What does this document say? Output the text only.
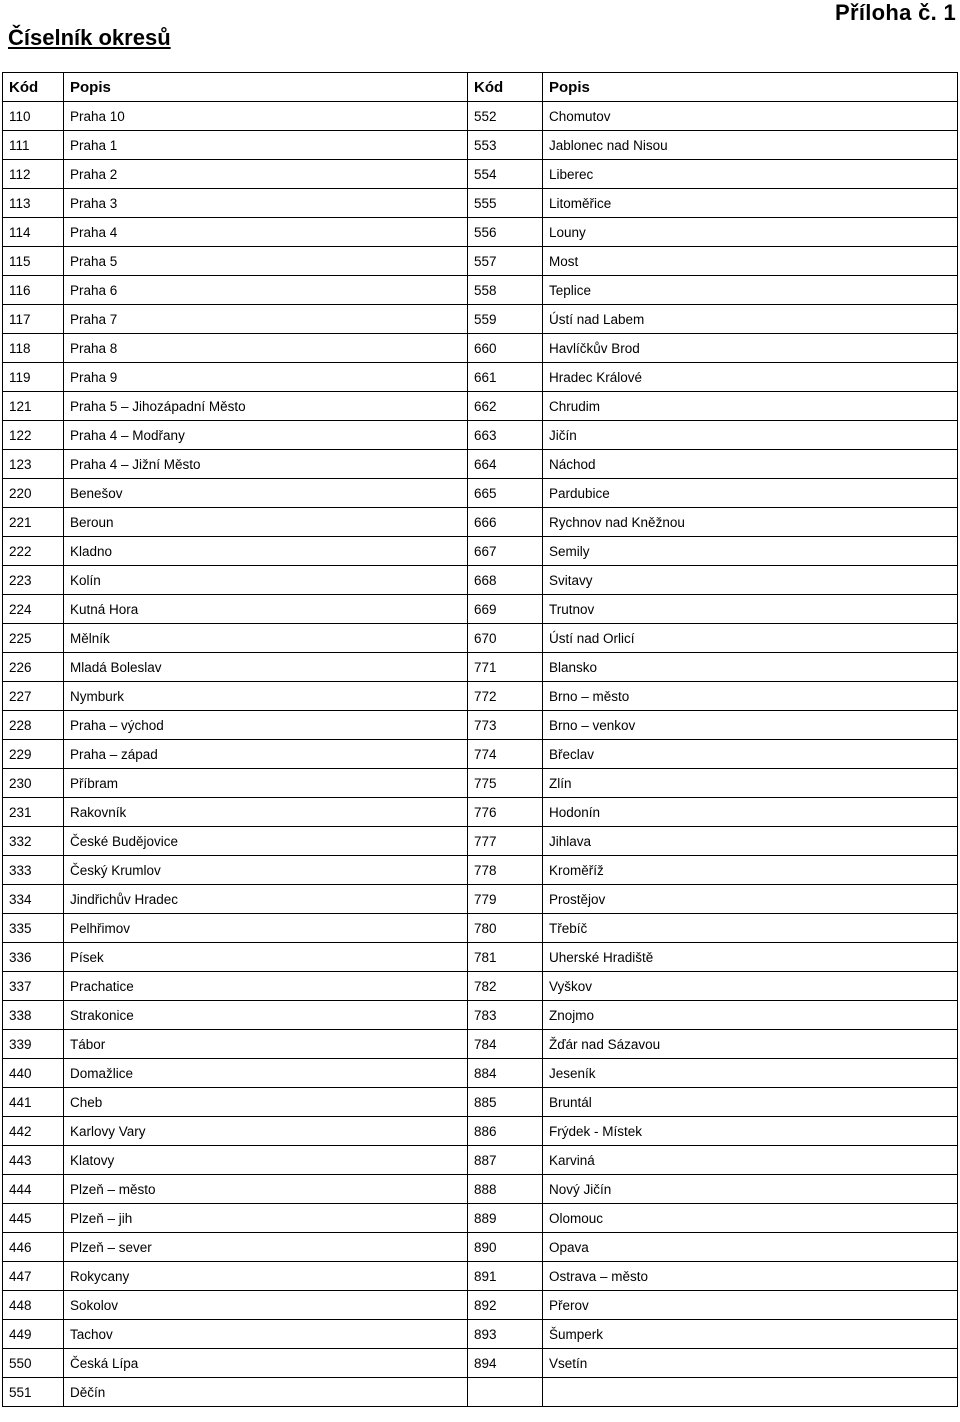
Příloha č. 1
Číselník okresů
Kód	Popis	Kód	Popis
110	Praha 10	552	Chomutov
111	Praha 1	553	Jablonec nad Nisou
112	Praha 2	554	Liberec
113	Praha 3	555	Litoměřice
114	Praha 4	556	Louny
115	Praha 5	557	Most
116	Praha 6	558	Teplice
117	Praha 7	559	Ústí nad Labem
118	Praha 8	660	Havlíčkův Brod
119	Praha 9	661	Hradec Králové
121	Praha 5 – Jihozápadní Město	662	Chrudim
122	Praha 4 – Modřany	663	Jičín
123	Praha 4 – Jižní Město	664	Náchod
220	Benešov	665	Pardubice
221	Beroun	666	Rychnov nad Kněžnou
222	Kladno	667	Semily
223	Kolín	668	Svitavy
224	Kutná Hora	669	Trutnov
225	Mělník	670	Ústí nad Orlicí
226	Mladá Boleslav	771	Blansko
227	Nymburk	772	Brno – město
228	Praha – východ	773	Brno – venkov
229	Praha – západ	774	Břeclav
230	Příbram	775	Zlín
231	Rakovník	776	Hodonín
332	České Budějovice	777	Jihlava
333	Český Krumlov	778	Kroměříž
334	Jindřichův Hradec	779	Prostějov
335	Pelhřimov	780	Třebíč
336	Písek	781	Uherské Hradiště
337	Prachatice	782	Vyškov
338	Strakonice	783	Znojmo
339	Tábor	784	Žďár nad Sázavou
440	Domažlice	884	Jeseník
441	Cheb	885	Bruntál
442	Karlovy Vary	886	Frýdek - Místek
443	Klatovy	887	Karviná
444	Plzeň – město	888	Nový Jičín
445	Plzeň – jih	889	Olomouc
446	Plzeň – sever	890	Opava
447	Rokycany	891	Ostrava – město
448	Sokolov	892	Přerov
449	Tachov	893	Šumperk
550	Česká Lípa	894	Vsetín
551	Děčín		
